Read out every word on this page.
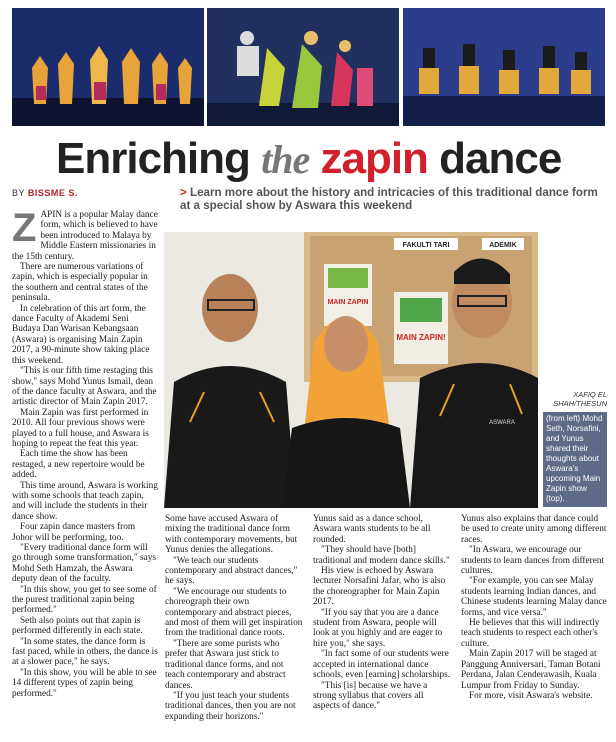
Enriching the zapin dance
BY BISSME S.	> Learn more about the history and intricacies of this traditional dance form at a special show by Aswara this weekend

ZAPIN is a popular Malay dance form, which is believed to have been introduced to Malaya by Middle Eastern missionaries in the 15th century.

There are numerous variations of zapin, which is especially popular in the southern and central states of the peninsula.

In celebration of this art form, the dance Faculty of Akademi Seni Budaya Dan Warisan Kebangsaan (Aswara) is organising Main Zapin 2017, a 90-minute show taking place this weekend.

"This is our fifth time restaging this show," says Mohd Yunus Ismail, dean of the dance faculty at Aswara, and the artistic director of Main Zapin 2017.

Main Zapin was first performed in 2010. All four previous shows were played to a full house, and Aswara is hoping to repeat the feat this year.

Each time the show has been restaged, a new repertoire would be added.

This time around, Aswara is working with some schools that teach zapin, and will include the students in their dance show.

Four zapin dance masters from Johor will be performing, too.

"Every traditional dance form will go through some transformation," says Mohd Seth Hamzah, the Aswara deputy dean of the faculty.

"In this show, you get to see some of the purest traditional zapin being performed."

Seth also points out that zapin is performed differently in each state.

"In some states, the dance form is fast paced, while in others, the dance is at a slower pace," he says.

"In this show, you will be able to see 14 different types of zapin being performed."

FAKULTI TARI	ADEMIK
MAIN ZAPIN
MAIN ZAPIN!
ASWARA
XAFIQ EL SHAH/THESUN
(from left) Mohd Seth, Norsafini, and Yunus shared their thoughts about Aswara's upcoming Main Zapin show (top).

Some have accused Aswara of mixing the traditional dance form with contemporary movements, but Yunus denies the allegations.

"We teach our students contemporary and abstract dances," he says.

"We encourage our students to choreograph their own contemporary and abstract pieces, and most of them will get inspiration from the traditional dance roots.

"There are some purists who prefer that Aswara just stick to traditional dance forms, and not teach contemporary and abstract dances.

"If you just teach your students traditional dances, then you are not expanding their horizons."

Yunus said as a dance school, Aswara wants students to be all rounded.

"They should have [both] traditional and modern dance skills."

His view is echoed by Aswara lecturer Norsafini Jafar, who is also the choreographer for Main Zapin 2017.

"If you say that you are a dance student from Aswara, people will look at you highly and are eager to hire you," she says.

"In fact some of our students were accepted in international dance schools, even [earning] scholarships.

"This [is] because we have a strong syllabus that covers all aspects of dance."

Yunus also explains that dance could be used to create unity among different races.

"In Aswara, we encourage our students to learn dances from different cultures.

"For example, you can see Malay students learning Indian dances, and Chinese students learning Malay dance forms, and vice versa."

He believes that this will indirectly teach students to respect each other's culture.

Main Zapin 2017 will be staged at Panggung Anniversari, Taman Botani Perdana, Jalan Cenderawasih, Kuala Lumpur from Friday to Sunday.

For more, visit Aswara's website.
